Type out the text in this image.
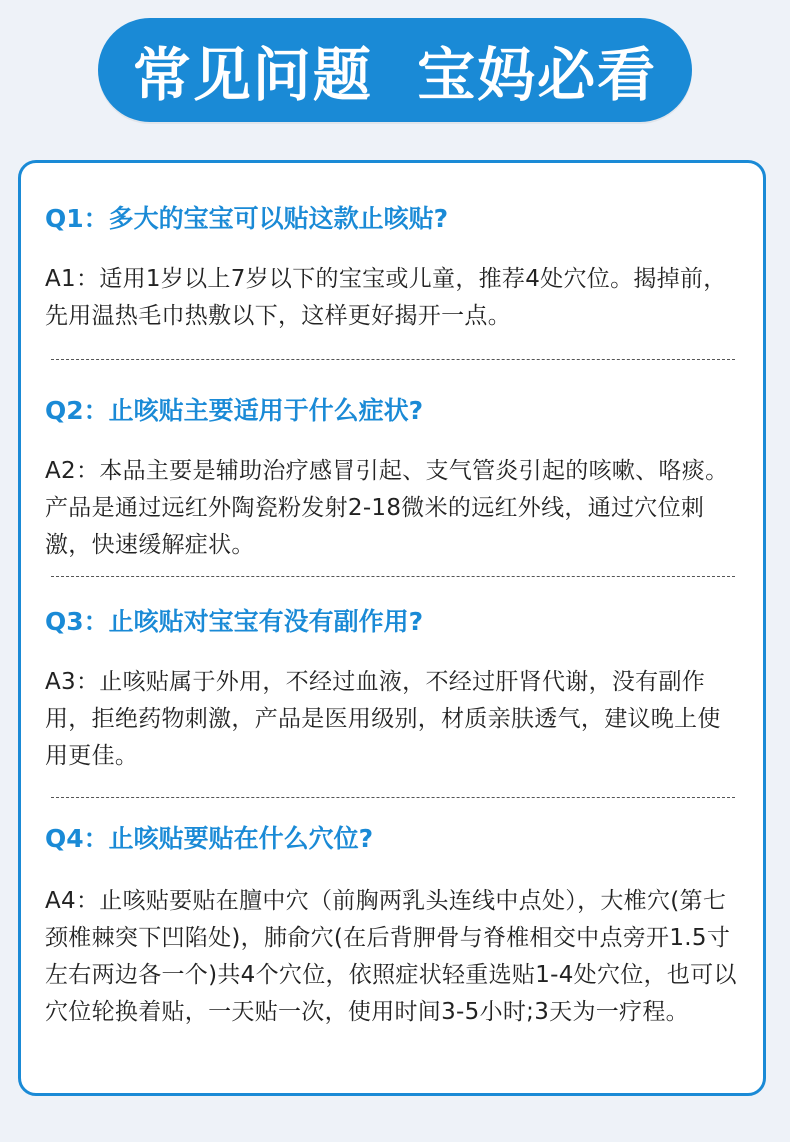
常见问题  宝妈必看

Q1：多大的宝宝可以贴这款止咳贴?

A1：适用1岁以上7岁以下的宝宝或儿童，推荐4处穴位。揭掉前，先用温热毛巾热敷以下，这样更好揭开一点。

Q2：止咳贴主要适用于什么症状?

A2：本品主要是辅助治疗感冒引起、支气管炎引起的咳嗽、咯痰。产品是通过远红外陶瓷粉发射2-18微米的远红外线，通过穴位刺激，快速缓解症状。

Q3：止咳贴对宝宝有没有副作用?

A3：止咳贴属于外用，不经过血液，不经过肝肾代谢，没有副作用，拒绝药物刺激，产品是医用级别，材质亲肤透气，建议晚上使用更佳。

Q4：止咳贴要贴在什么穴位?

A4：止咳贴要贴在膻中穴（前胸两乳头连线中点处），大椎穴(第七颈椎棘突下凹陷处)，肺俞穴(在后背胛骨与脊椎相交中点旁开1.5寸左右两边各一个)共4个穴位，依照症状轻重选贴1-4处穴位，也可以穴位轮换着贴，一天贴一次，使用时间3-5小时;3天为一疗程。
